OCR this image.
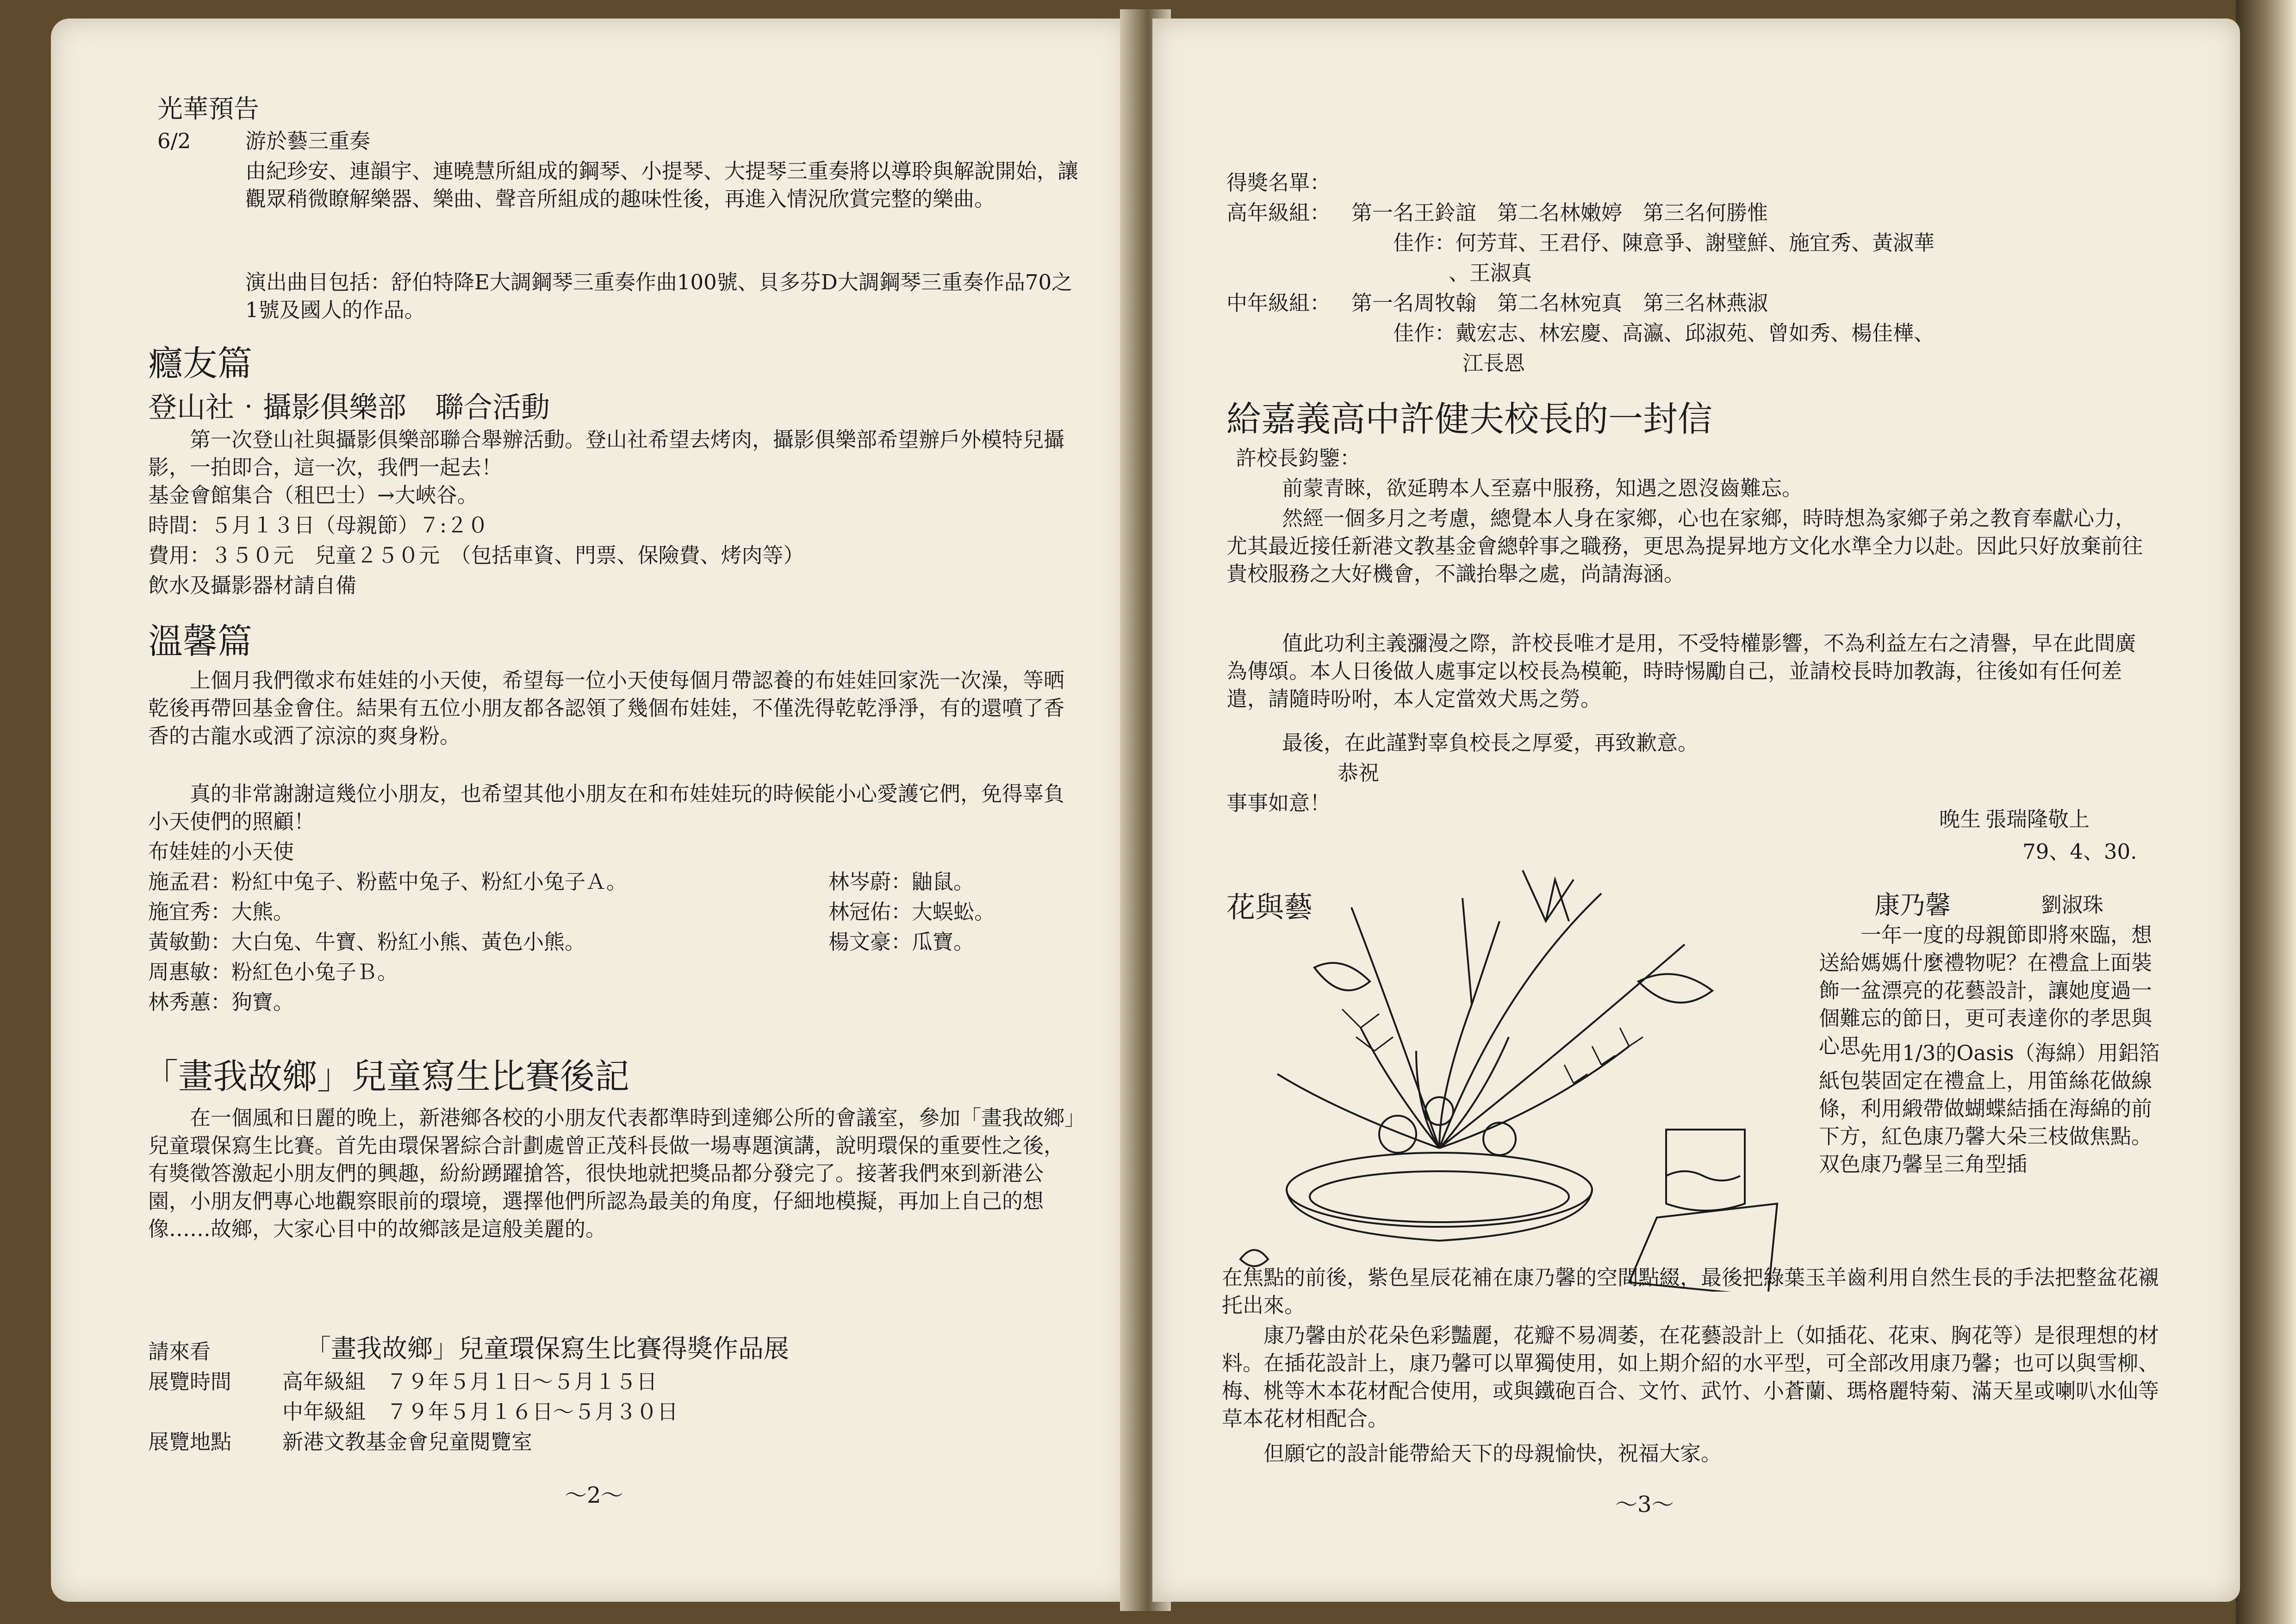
光華預告
6/2	游於藝三重奏
由紀珍安、連韻宇、連曉慧所組成的鋼琴、小提琴、大提琴三重奏將以導聆與解說開始，讓觀眾稍微瞭解樂器、樂曲、聲音所組成的趣味性後，再進入情況欣賞完整的樂曲。
演出曲目包括：舒伯特降E大調鋼琴三重奏作曲100號、貝多芬D大調鋼琴三重奏作品70之1號及國人的作品。
癮友篇
登山社‧攝影俱樂部　聯合活動
第一次登山社與攝影俱樂部聯合舉辦活動。登山社希望去烤肉，攝影俱樂部希望辦戶外模特兒攝影，一拍即合，這一次，我們一起去！
基金會館集合（租巴士）→大峽谷。
時間：５月１３日（母親節）７:２０
費用：３５０元　兒童２５０元　（包括車資、門票、保險費、烤肉等）
飲水及攝影器材請自備
溫馨篇
上個月我們徵求布娃娃的小天使，希望每一位小天使每個月帶認養的布娃娃回家洗一次澡，等晒乾後再帶回基金會住。結果有五位小朋友都各認領了幾個布娃娃，不僅洗得乾乾淨淨，有的還噴了香香的古龍水或洒了涼涼的爽身粉。
真的非常謝謝這幾位小朋友，也希望其他小朋友在和布娃娃玩的時候能小心愛護它們，免得辜負小天使們的照顧！
布娃娃的小天使
施孟君：粉紅中兔子、粉藍中兔子、粉紅小兔子Ａ。
施宜秀：大熊。
黃敏勤：大白兔、牛寶、粉紅小熊、黃色小熊。
周惠敏：粉紅色小兔子Ｂ。
林秀蕙：狗寶。
林岑蔚：鼬鼠。
林冠佑：大蜈蚣。
楊文豪：瓜寶。
「畫我故鄉」兒童寫生比賽後記
在一個風和日麗的晚上，新港鄉各校的小朋友代表都準時到達鄉公所的會議室，參加「畫我故鄉」兒童環保寫生比賽。首先由環保署綜合計劃處曾正茂科長做一場專題演講，說明環保的重要性之後，有獎徵答激起小朋友們的興趣，紛紛踴躍搶答，很快地就把獎品都分發完了。接著我們來到新港公園，小朋友們專心地觀察眼前的環境，選擇他們所認為最美的角度，仔細地模擬，再加上自己的想像……故鄉，大家心目中的故鄉該是這般美麗的。
請來看	「畫我故鄉」兒童環保寫生比賽得獎作品展
展覽時間 高年級組　７９年５月１日～５月１５日
中年級組　７９年５月１６日～５月３０日
展覽地點 新港文教基金會兒童閱覽室
～2～
得獎名單：
高年級組： 第一名王鈴誼　第二名林嫩婷　第三名何勝惟
佳作：何芳茸、王君伃、陳意爭、謝璧鮮、施宜秀、黃淑華
、王淑真
中年級組： 第一名周牧翰　第二名林宛真　第三名林燕淑
佳作：戴宏志、林宏慶、高瀛、邱淑苑、曾如秀、楊佳樺、
江長恩
給嘉義高中許健夫校長的一封信
許校長鈞鑒：
前蒙青睞，欲延聘本人至嘉中服務，知遇之恩沒齒難忘。
然經一個多月之考慮，總覺本人身在家鄉，心也在家鄉，時時想為家鄉子弟之教育奉獻心力，尤其最近接任新港文教基金會總幹事之職務，更思為提昇地方文化水準全力以赴。因此只好放棄前往貴校服務之大好機會，不識抬舉之處，尚請海涵。
值此功利主義瀰漫之際，許校長唯才是用，不受特權影響，不為利益左右之清譽，早在此間廣為傳頌。本人日後做人處事定以校長為模範，時時惕勵自己，並請校長時加教誨，往後如有任何差遣，請隨時吩咐，本人定當效犬馬之勞。
最後，在此謹對辜負校長之厚愛，再致歉意。
恭祝
事事如意！
晚生 張瑞隆敬上
79、4、30.
花與藝	康乃馨	劉淑珠
一年一度的母親節即將來臨，想送給媽媽什麼禮物呢？在禮盒上面裝飾一盆漂亮的花藝設計，讓她度過一個難忘的節日，更可表達你的孝思與心思。
先用1/3的Oasis（海綿）用鋁箔紙包裝固定在禮盒上，用笛絲花做線條，利用緞帶做蝴蝶結插在海綿的前下方，紅色康乃馨大朵三枝做焦點。双色康乃馨呈三角型插
在焦點的前後，紫色星辰花補在康乃馨的空間點綴，最後把綠葉玉羊齒利用自然生長的手法把整盆花襯托出來。
康乃馨由於花朵色彩豔麗，花瓣不易凋萎，在花藝設計上（如插花、花束、胸花等）是很理想的材料。在插花設計上，康乃馨可以單獨使用，如上期介紹的水平型，可全部改用康乃馨；也可以與雪柳、梅、桃等木本花材配合使用，或與鐵砲百合、文竹、武竹、小蒼蘭、瑪格麗特菊、滿天星或喇叭水仙等草本花材相配合。
但願它的設計能帶給天下的母親愉快，祝福大家。
～3～
